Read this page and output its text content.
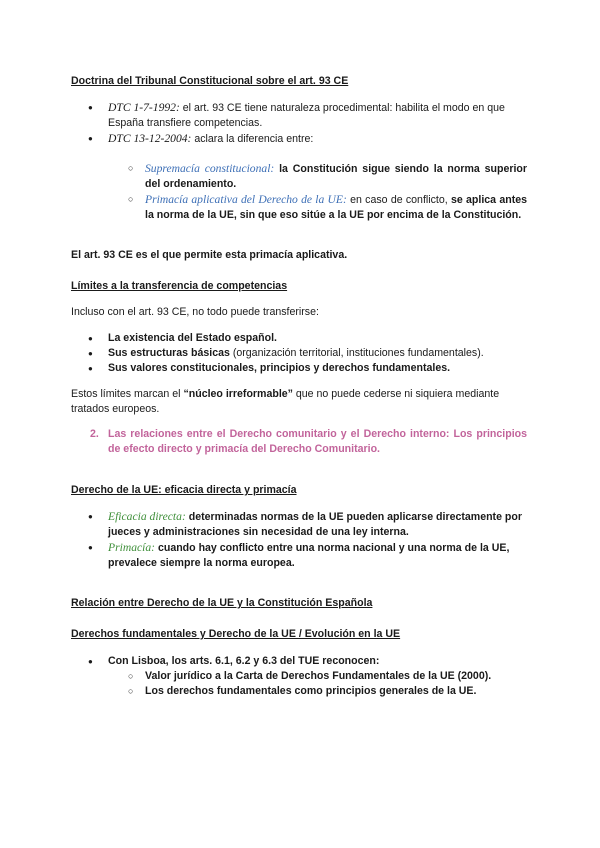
Doctrina del Tribunal Constitucional sobre el art. 93 CE
● DTC 1-7-1992: el art. 93 CE tiene naturaleza procedimental: habilita el modo en que España transfiere competencias.
● DTC 13-12-2004: aclara la diferencia entre:
○ Supremacía constitucional: la Constitución sigue siendo la norma superior del ordenamiento.
○ Primacía aplicativa del Derecho de la UE: en caso de conflicto, se aplica antes la norma de la UE, sin que eso sitúe a la UE por encima de la Constitución.
El art. 93 CE es el que permite esta primacía aplicativa.
Límites a la transferencia de competencias
Incluso con el art. 93 CE, no todo puede transferirse:
● La existencia del Estado español.
● Sus estructuras básicas (organización territorial, instituciones fundamentales).
● Sus valores constitucionales, principios y derechos fundamentales.
Estos límites marcan el “núcleo irreformable” que no puede cederse ni siquiera mediante tratados europeos.
2. Las relaciones entre el Derecho comunitario y el Derecho interno: Los principios de efecto directo y primacía del Derecho Comunitario.
Derecho de la UE: eficacia directa y primacía
● Eficacia directa: determinadas normas de la UE pueden aplicarse directamente por jueces y administraciones sin necesidad de una ley interna.
● Primacía: cuando hay conflicto entre una norma nacional y una norma de la UE, prevalece siempre la norma europea.
Relación entre Derecho de la UE y la Constitución Española
Derechos fundamentales y Derecho de la UE / Evolución en la UE
● Con Lisboa, los arts. 6.1, 6.2 y 6.3 del TUE reconocen:
○ Valor jurídico a la Carta de Derechos Fundamentales de la UE (2000).
○ Los derechos fundamentales como principios generales de la UE.
